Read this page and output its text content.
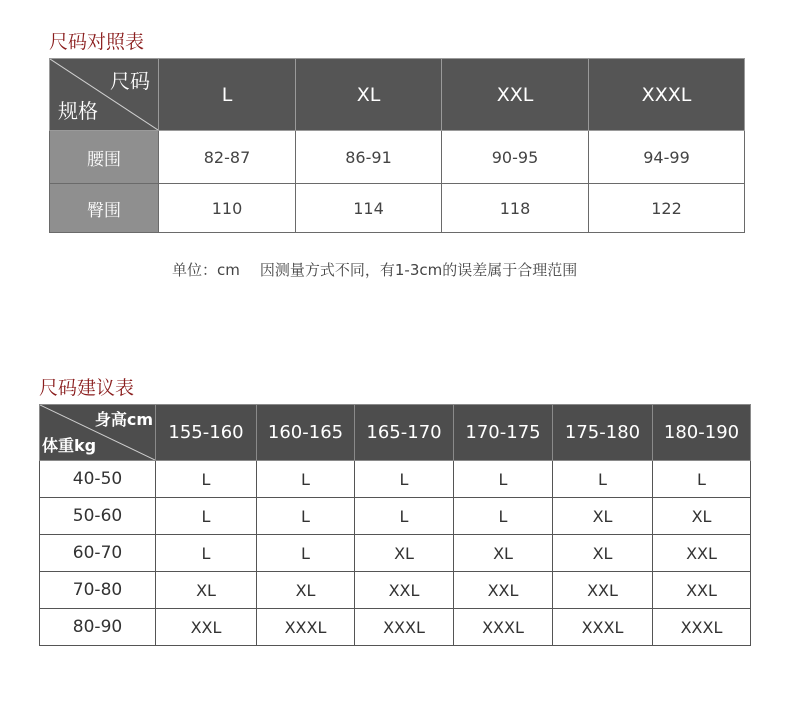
尺码对照表
尺码
规格	L	XL	XXL	XXXL
腰围	82-87	86-91	90-95	94-99
臀围	110	114	118	122

单位：cm 因测量方式不同，有1-3cm的误差属于合理范围

尺码建议表
身高cm
体重kg	155-160	160-165	165-170	170-175	175-180	180-190
40-50	L	L	L	L	L	L
50-60	L	L	L	L	XL	XL
60-70	L	L	XL	XL	XL	XXL
70-80	XL	XL	XXL	XXL	XXL	XXL
80-90	XXL	XXXL	XXXL	XXXL	XXXL	XXXL
